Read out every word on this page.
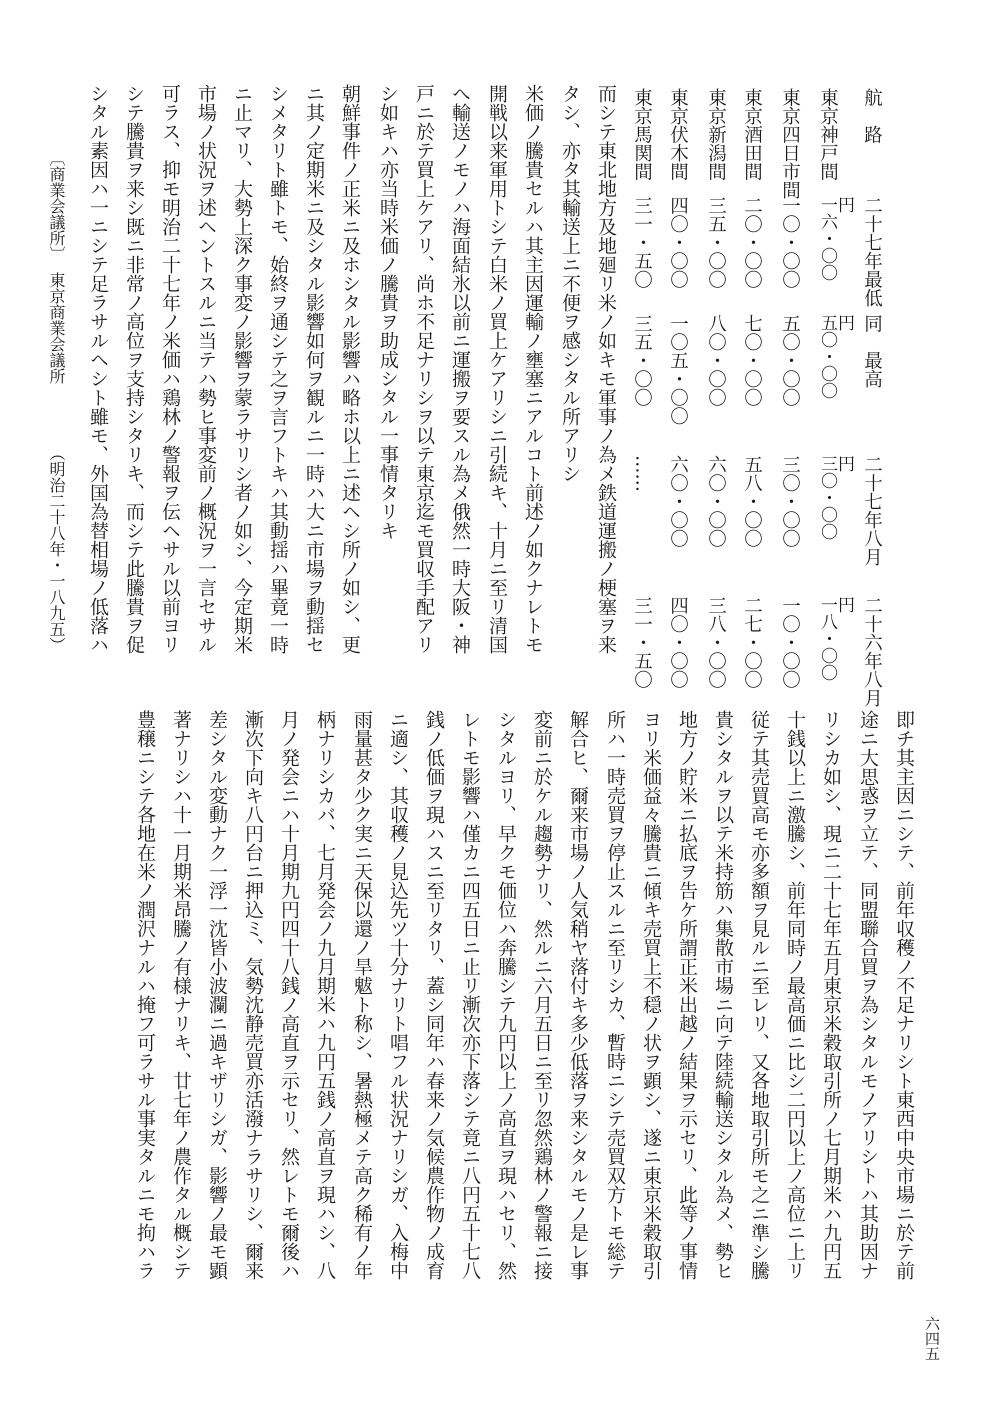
航　路
二十七年最低
同　最高
二十七年八月
二十六年八月
東京神戸間
円
一六・〇〇
円
五〇・〇〇
円
三〇・〇〇
円
一八・〇〇
東京四日市間
一〇・〇〇
五〇・〇〇
三〇・〇〇
一〇・〇〇
東京酒田間
二〇・〇〇
七〇・〇〇
五八・〇〇
二七・〇〇
東京新潟間
三五・〇〇
八〇・〇〇
六〇・〇〇
三八・〇〇
東京伏木間
四〇・〇〇
一〇五・〇〇
六〇・〇〇
四〇・〇〇
東京馬関間
三一・五〇
三五・〇〇
……
三一・五〇
而シテ東北地方及地廻リ米ノ如キモ軍事ノ為メ鉄道運搬ノ梗塞ヲ来
タシ、亦タ其輸送上ニ不便ヲ感シタル所アリシ
米価ノ騰貴セルハ其主因運輸ノ壅塞ニアルコト前述ノ如クナレトモ
開戦以来軍用トシテ白米ノ買上ケアリシニ引続キ、十月ニ至リ清国
へ輸送ノモノハ海面結氷以前ニ運搬ヲ要スル為メ俄然一時大阪・神
戸ニ於テ買上ケアリ、尚ホ不足ナリシヲ以テ東京迄モ買収手配アリ
シ如キハ亦当時米価ノ騰貴ヲ助成シタル一事情タリキ
朝鮮事件ノ正米ニ及ホシタル影響ハ略ホ以上ニ述ヘシ所ノ如シ、更
ニ其ノ定期米ニ及シタル影響如何ヲ観ルニ一時ハ大ニ市場ヲ動揺セ
シメタリト雖トモ、始終ヲ通シテ之ヲ言フトキハ其動揺ハ畢竟一時
ニ止マリ、大勢上深ク事変ノ影響ヲ蒙ラサリシ者ノ如シ、今定期米
市場ノ状況ヲ述ヘントスルニ当テハ勢ヒ事変前ノ概況ヲ一言セサル
可ラス、抑モ明治二十七年ノ米価ハ鶏林ノ警報ヲ伝ヘサル以前ヨリ
シテ騰貴ヲ来シ既ニ非常ノ高位ヲ支持シタリキ、而シテ此騰貴ヲ促
シタル素因ハ一ニシテ足ラサルヘシト雖モ、外国為替相場ノ低落ハ
〔商業会議所〕
東京商業会議所
（明治二十八年・一八九五）
即チ其主因ニシテ、前年収穫ノ不足ナリシト東西中央市場ニ於テ前
途ニ大思惑ヲ立テ、同盟聯合買ヲ為シタルモノアリシトハ其助因ナ
リシカ如シ、現ニ二十七年五月東京米穀取引所ノ七月期米ハ九円五
十銭以上ニ激騰シ、前年同時ノ最高価ニ比シ二円以上ノ高位ニ上リ
従テ其売買高モ亦多額ヲ見ルニ至レリ、又各地取引所モ之ニ準シ騰
貴シタルヲ以テ米持筋ハ集散市場ニ向テ陸続輸送シタル為メ、勢ヒ
地方ノ貯米ニ払底ヲ告ケ所謂正米出越ノ結果ヲ示セリ、此等ノ事情
ヨリ米価益々騰貴ニ傾キ売買上不穏ノ状ヲ顕シ、遂ニ東京米穀取引
所ハ一時売買ヲ停止スルニ至リシカ、暫時ニシテ売買双方トモ総テ
解合ヒ、爾来市場ノ人気稍ヤ落付キ多少低落ヲ来シタルモノ是レ事
変前ニ於ケル趨勢ナリ、然ルニ六月五日ニ至リ忽然鶏林ノ警報ニ接
シタルヨリ、早クモ価位ハ奔騰シテ九円以上ノ高直ヲ現ハセリ、然
レトモ影響ハ僅カニ四五日ニ止リ漸次亦下落シテ竟ニ八円五十七八
銭ノ低価ヲ現ハスニ至リタリ、蓋シ同年ハ春来ノ気候農作物ノ成育
ニ適シ、其収穫ノ見込先ツ十分ナリト唱フル状況ナリシガ、入梅中
雨量甚タ少ク実ニ天保以還ノ旱魃ト称シ、暑熱極メテ高ク稀有ノ年
柄ナリシカバ、七月発会ノ九月期米ハ九円五銭ノ高直ヲ現ハシ、八
月ノ発会ニハ十月期九円四十八銭ノ高直ヲ示セリ、然レトモ爾後ハ
漸次下向キ八円台ニ押込ミ、気勢沈静売買亦活潑ナラサリシ、爾来
差シタル変動ナク一浮一沈皆小波瀾ニ過キザリシガ、影響ノ最モ顕
著ナリシハ十一月期米昂騰ノ有様ナリキ、廿七年ノ農作タル概シテ
豊穣ニシテ各地在米ノ潤沢ナルハ掩フ可ラサル事実タルニモ拘ハラ
六四五
